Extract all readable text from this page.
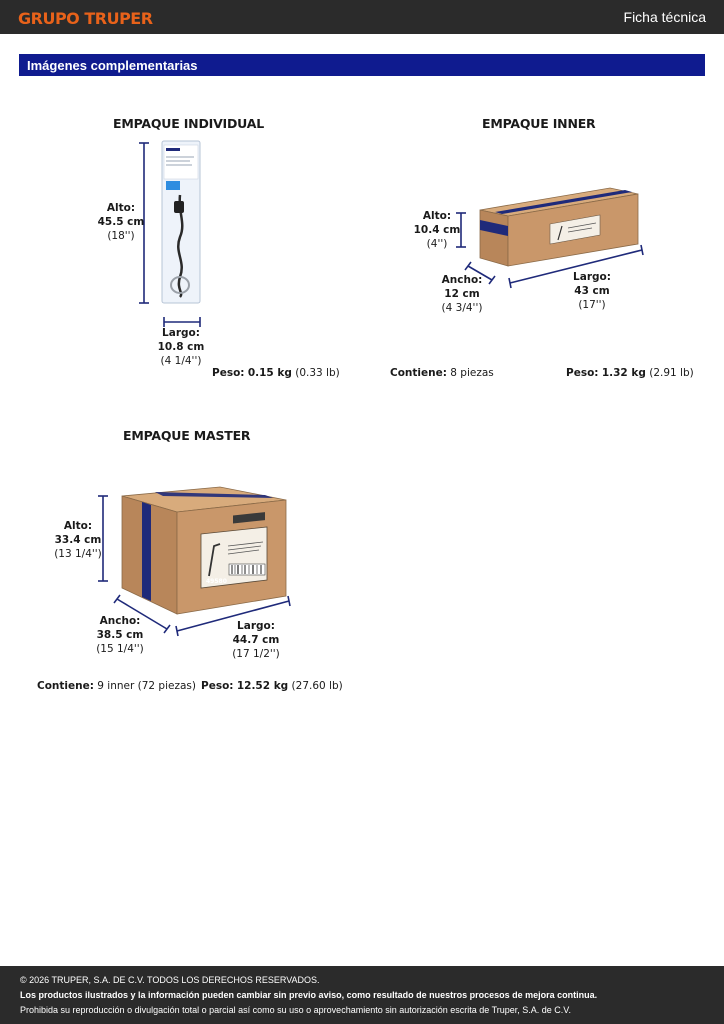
GRUPO TRUPER	Ficha técnica
Imágenes complementarias
EMPAQUE INDIVIDUAL
Alto:
45.5 cm
(18'')
Largo:
10.8 cm
(4 1/4'')
Peso: 0.15 kg (0.33 lb)
EMPAQUE INNER
Alto:
10.4 cm
(4'')
Ancho:
12 cm
(4 3/4'')
Largo:
43 cm
(17'')
Contiene: 8 piezas	Peso: 1.32 kg (2.91 lb)
EMPAQUE MASTER
49580
Alto:
33.4 cm
(13 1/4'')
Ancho:
38.5 cm
(15 1/4'')
Largo:
44.7 cm
(17 1/2'')
Contiene: 9 inner (72 piezas) Peso: 12.52 kg (27.60 lb)
© 2026 TRUPER, S.A. DE C.V. TODOS LOS DERECHOS RESERVADOS.
Los productos ilustrados y la información pueden cambiar sin previo aviso, como resultado de nuestros procesos de mejora continua.
Prohibida su reproducción o divulgación total o parcial así como su uso o aprovechamiento sin autorización escrita de Truper, S.A. de C.V.
